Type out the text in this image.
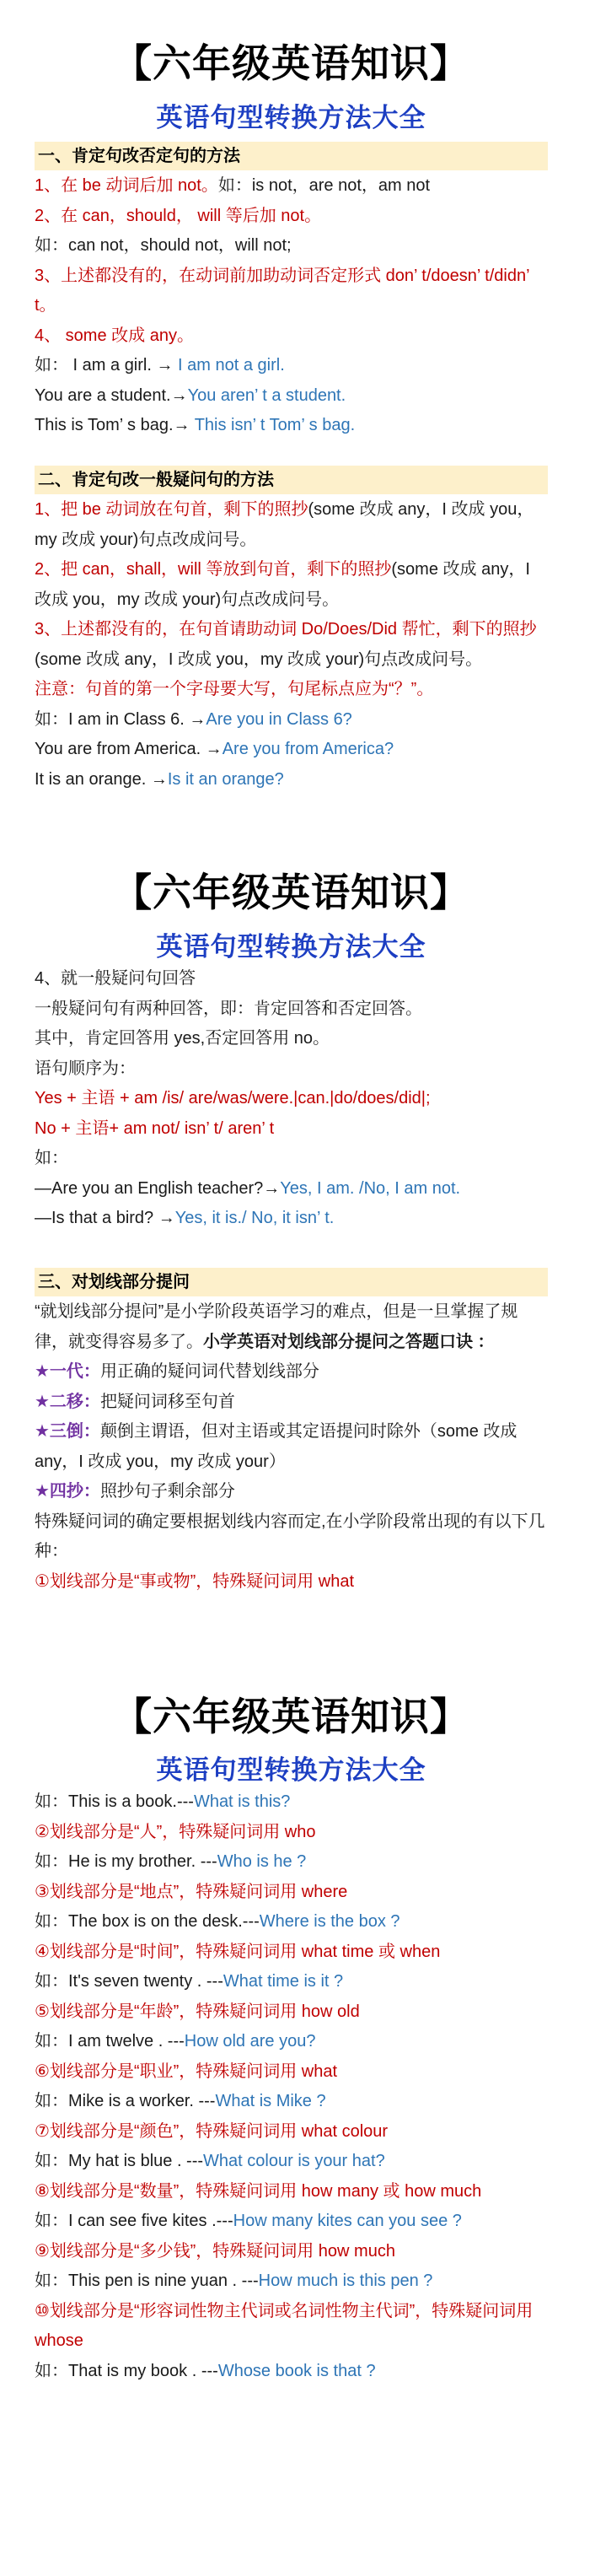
【六年级英语知识】
英语句型转换方法大全
一、肯定句改否定句的方法
1、在 be 动词后加 not。如：is not，are not，am not
2、在 can，should， will 等后加 not。
如：can not，should not，will not;
3、上述都没有的，在动词前加助动词否定形式 don’ t/doesn’ t/didn’ t。
4、 some 改成 any。
如： I am a girl. → I am not a girl.
You are a student.→You aren’ t a student.
This is Tom’ s bag.→ This isn’ t Tom’ s bag.
二、肯定句改一般疑问句的方法
1、把 be 动词放在句首，剩下的照抄(some 改成 any，I 改成 you，my 改成 your)句点改成问号。
2、把 can，shall，will 等放到句首，剩下的照抄(some 改成 any，I 改成 you，my 改成 your)句点改成问号。
3、上述都没有的，在句首请助动词 Do/Does/Did 帮忙，剩下的照抄(some 改成 any，I 改成 you，my 改成 your)句点改成问号。
注意：句首的第一个字母要大写，句尾标点应为“？”。
如：I am in Class 6. →Are you in Class 6?
You are from America. →Are you from America?
It is an orange. →Is it an orange?
【六年级英语知识】
英语句型转换方法大全
4、就一般疑问句回答
一般疑问句有两种回答，即：肯定回答和否定回答。
其中，肯定回答用 yes,否定回答用 no。
语句顺序为：
Yes + 主语 + am /is/ are/was/were.|can.|do/does/did|;
No + 主语+ am not/ isn’ t/ aren’ t
如：
—Are you an English teacher?→Yes, I am. /No, I am not.
—Is that a bird? →Yes, it is./ No, it isn’ t.
三、对划线部分提问
“就划线部分提问”是小学阶段英语学习的难点，但是一旦掌握了规律，就变得容易多了。小学英语对划线部分提问之答题口诀 ：
★一代：用正确的疑问词代替划线部分
★二移：把疑问词移至句首
★三倒：颠倒主谓语，但对主语或其定语提问时除外（some 改成 any，I 改成 you，my 改成 your）
★四抄：照抄句子剩余部分
特殊疑问词的确定要根据划线内容而定,在小学阶段常出现的有以下几种：
①划线部分是“事或物”，特殊疑问词用 what
【六年级英语知识】
英语句型转换方法大全
如：This is a book.---What is this?
②划线部分是“人”，特殊疑问词用 who
如：He is my brother. ---Who is he ?
③划线部分是“地点”，特殊疑问词用 where
如：The box is on the desk.---Where is the box ?
④划线部分是“时间”，特殊疑问词用 what time 或 when
如：It's seven twenty . ---What time is it ?
⑤划线部分是“年龄”，特殊疑问词用 how old
如：I am twelve . ---How old are you?
⑥划线部分是“职业”，特殊疑问词用 what
如：Mike is a worker. ---What is Mike ?
⑦划线部分是“颜色”，特殊疑问词用 what colour
如：My hat is blue . ---What colour is your hat?
⑧划线部分是“数量”，特殊疑问词用 how many 或 how much
如：I can see five kites .---How many kites can you see ?
⑨划线部分是“多少钱”，特殊疑问词用 how much
如：This pen is nine yuan . ---How much is this pen ?
⑩划线部分是“形容词性物主代词或名词性物主代词”，特殊疑问词用 whose
如：That is my book . ---Whose book is that ?
